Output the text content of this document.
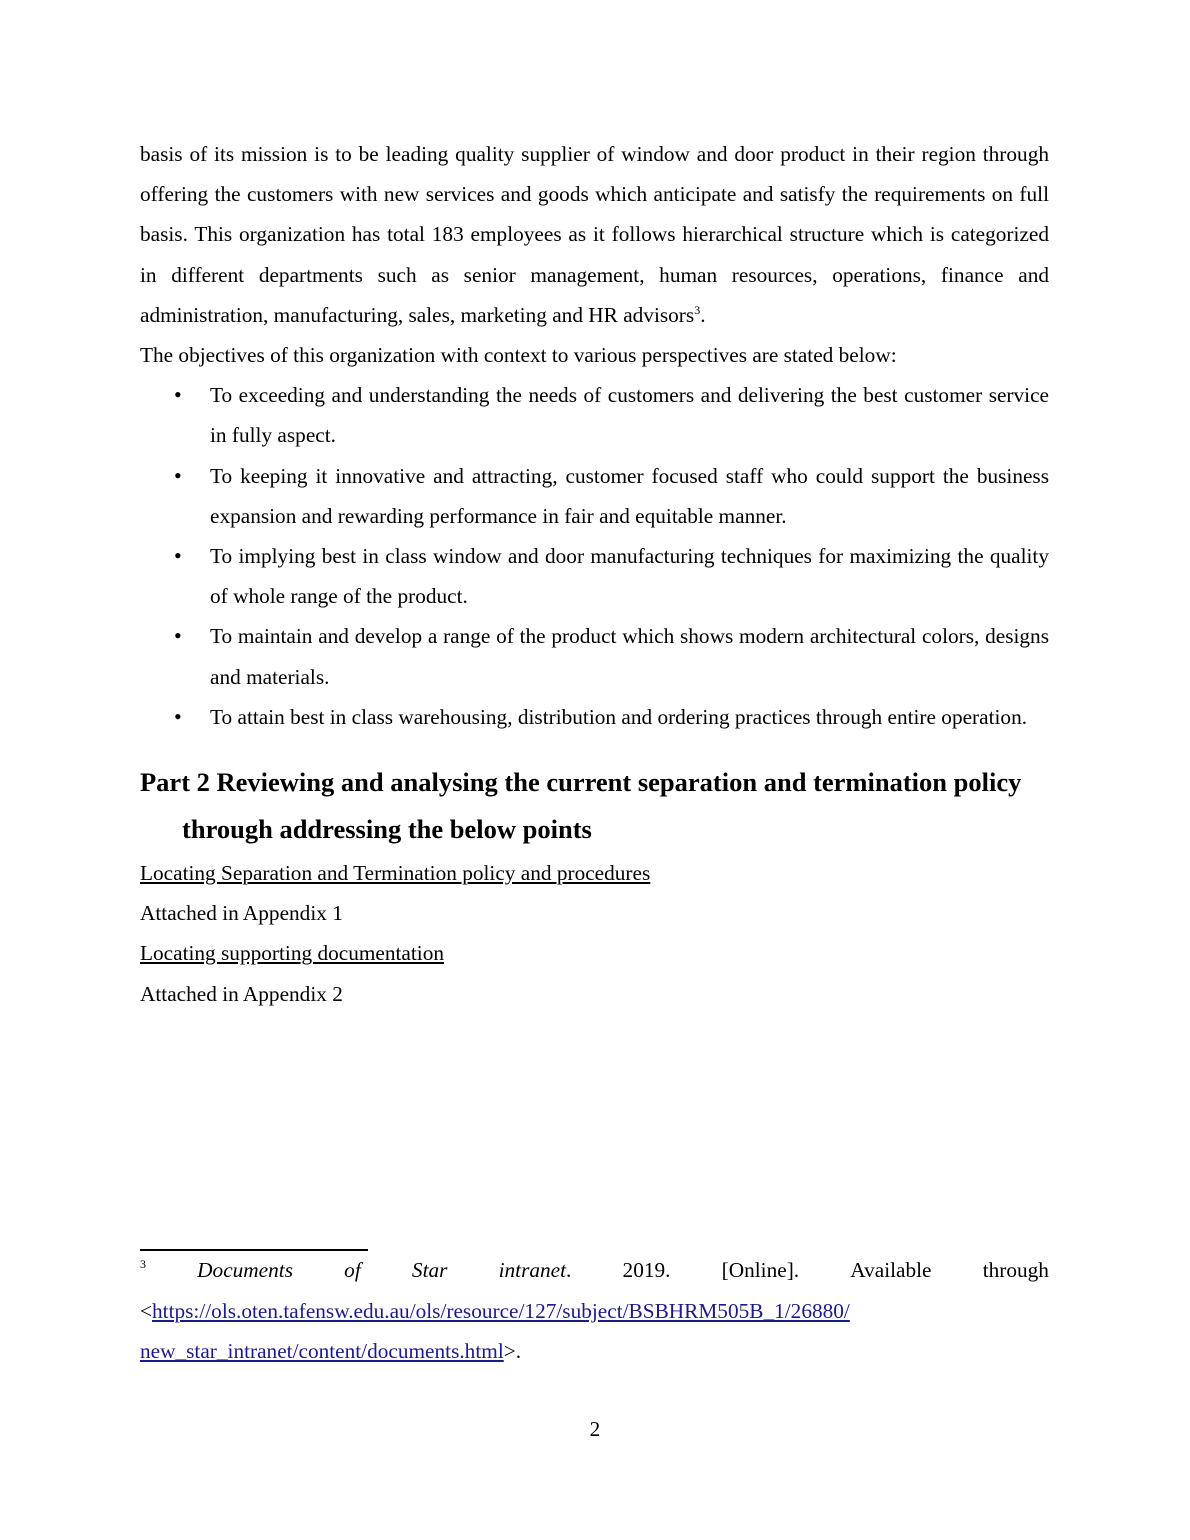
basis of its mission is to be leading quality supplier of window and door product in their region through offering the customers with new services and goods which anticipate and satisfy the requirements on full basis. This organization has total 183 employees as it follows hierarchical structure which is categorized in different departments such as senior management, human resources, operations, finance and administration, manufacturing, sales, marketing and HR advisors$^3$.

The objectives of this organization with context to various perspectives are stated below:

• To exceeding and understanding the needs of customers and delivering the best customer service in fully aspect.
• To keeping it innovative and attracting, customer focused staff who could support the business expansion and rewarding performance in fair and equitable manner.
• To implying best in class window and door manufacturing techniques for maximizing the quality of whole range of the product.
• To maintain and develop a range of the product which shows modern architectural colors, designs and materials.
• To attain best in class warehousing, distribution and ordering practices through entire operation.
Part 2 Reviewing and analysing the current separation and termination policy through addressing the below points

Locating Separation and Termination policy and procedures

Attached in Appendix 1

Locating supporting documentation

Attached in Appendix 2

3 Documents of Star intranet. 2019. [Online]. Available through

<https://ols.oten.tafensw.edu.au/ols/resource/127/subject/BSBHRM505B_1/26880/

new_star_intranet/content/documents.html>.

2
